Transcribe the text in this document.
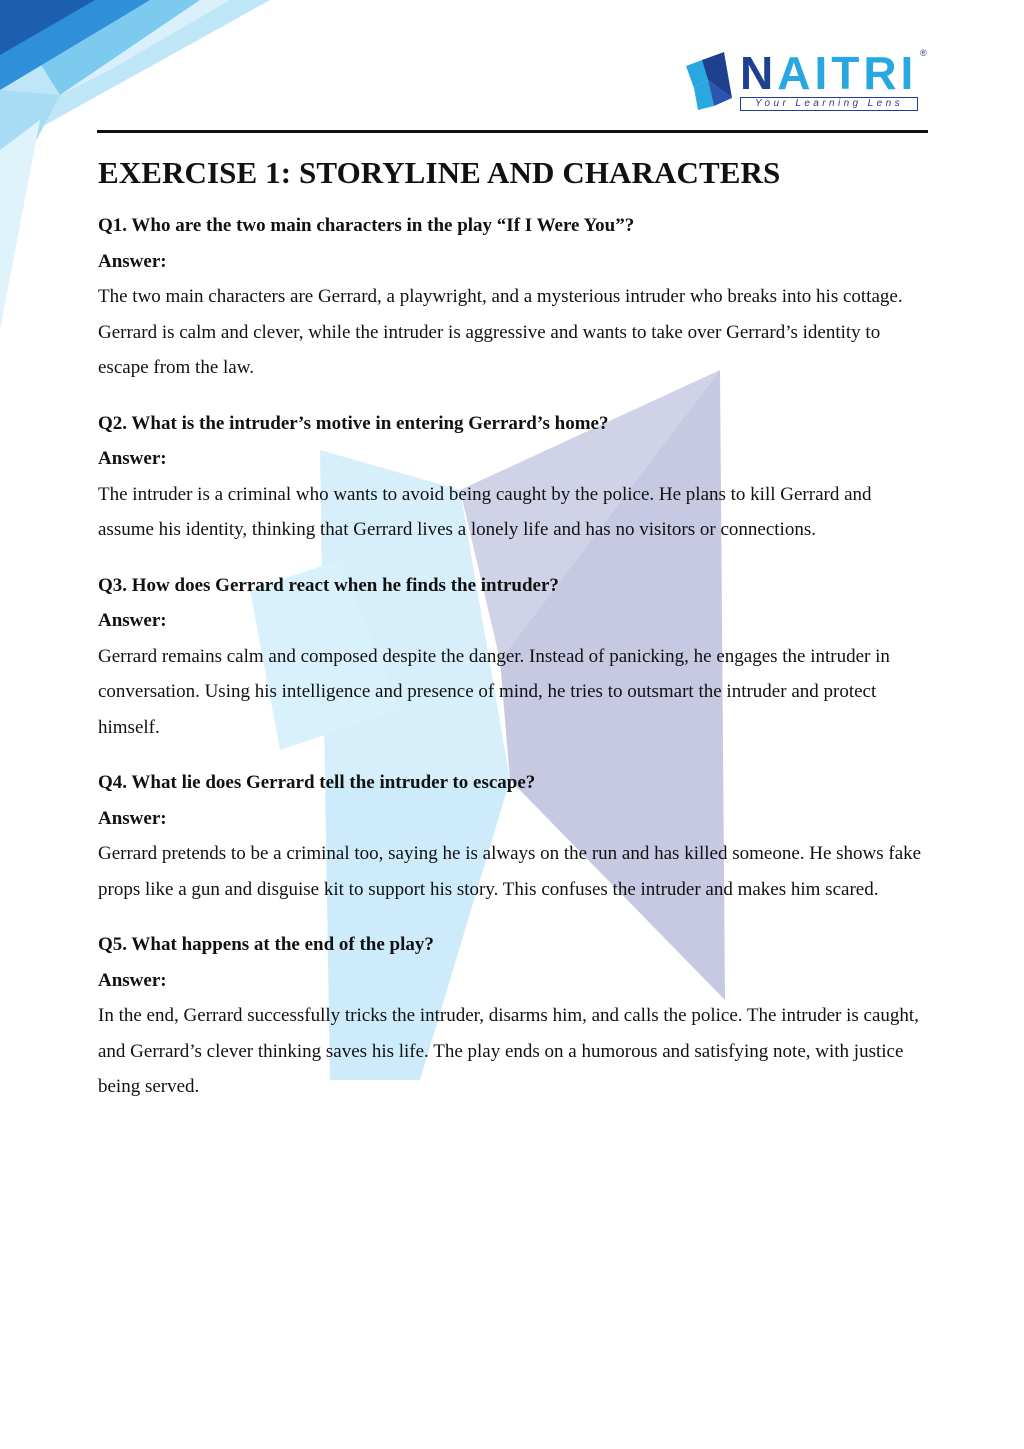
NAITRI ®
Your Learning Lens
EXERCISE 1: STORYLINE AND CHARACTERS

Q1. Who are the two main characters in the play “If I Were You”?

Answer:

The two main characters are Gerrard, a playwright, and a mysterious intruder who breaks into his cottage. Gerrard is calm and clever, while the intruder is aggressive and wants to take over Gerrard’s identity to escape from the law.

Q2. What is the intruder’s motive in entering Gerrard’s home?

Answer:

The intruder is a criminal who wants to avoid being caught by the police. He plans to kill Gerrard and assume his identity, thinking that Gerrard lives a lonely life and has no visitors or connections.

Q3. How does Gerrard react when he finds the intruder?

Answer:

Gerrard remains calm and composed despite the danger. Instead of panicking, he engages the intruder in conversation. Using his intelligence and presence of mind, he tries to outsmart the intruder and protect himself.

Q4. What lie does Gerrard tell the intruder to escape?

Answer:

Gerrard pretends to be a criminal too, saying he is always on the run and has killed someone. He shows fake props like a gun and disguise kit to support his story. This confuses the intruder and makes him scared.

Q5. What happens at the end of the play?

Answer:

In the end, Gerrard successfully tricks the intruder, disarms him, and calls the police. The intruder is caught, and Gerrard’s clever thinking saves his life. The play ends on a humorous and satisfying note, with justice being served.
